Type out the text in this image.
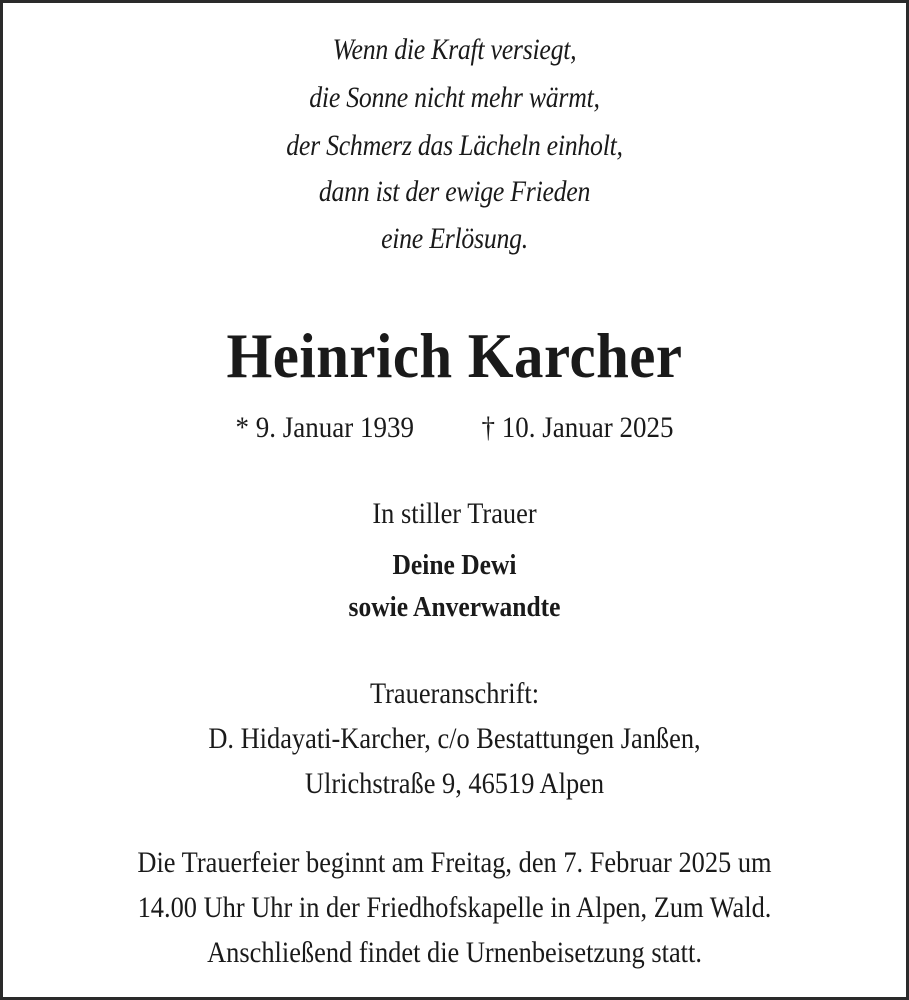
Wenn die Kraft versiegt,
die Sonne nicht mehr wärmt,
der Schmerz das Lächeln einholt,
dann ist der ewige Frieden
eine Erlösung.
Heinrich Karcher
* 9. Januar 1939 † 10. Januar 2025
In stiller Trauer
Deine Dewi
sowie Anverwandte
Traueranschrift:
D. Hidayati-Karcher, c/o Bestattungen Janßen,
Ulrichstraße 9, 46519 Alpen
Die Trauerfeier beginnt am Freitag, den 7. Februar 2025 um
14.00 Uhr Uhr in der Friedhofskapelle in Alpen, Zum Wald.
Anschließend findet die Urnenbeisetzung statt.
